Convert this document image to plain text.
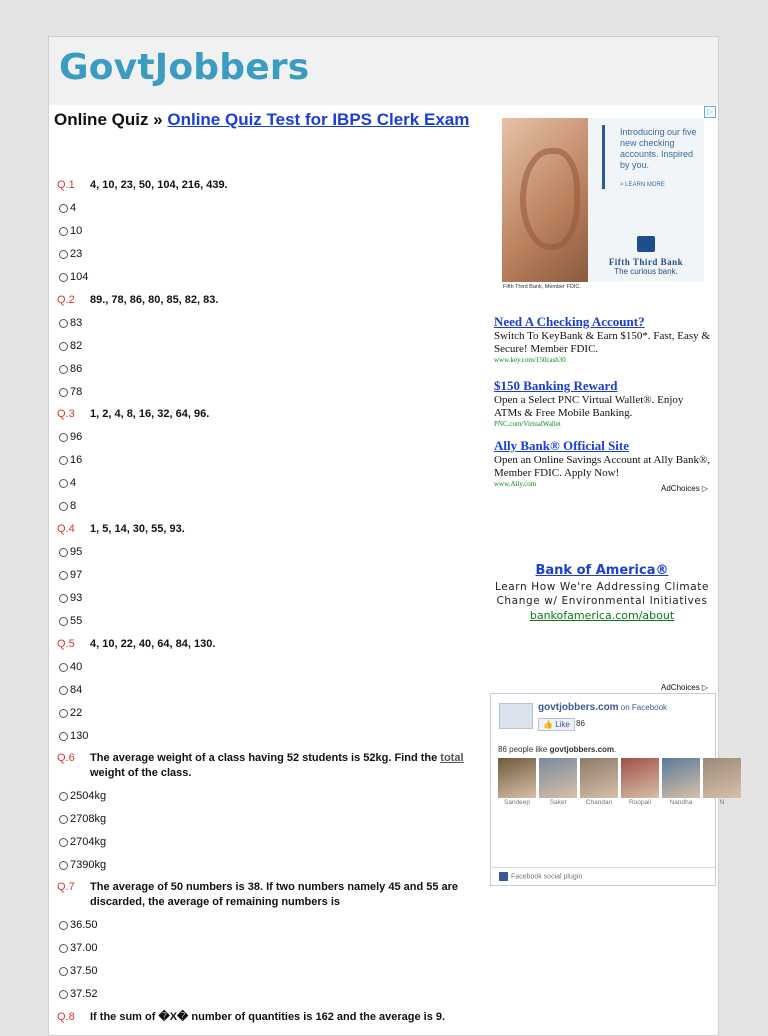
GovtJobbers
Online Quiz » Online Quiz Test for IBPS Clerk Exam
Q.1	4, 10, 23, 50, 104, 216, 439.
4
10
23
104
Q.2	89., 78, 86, 80, 85, 82, 83.
83
82
86
78
Q.3	1, 2, 4, 8, 16, 32, 64, 96.
96
16
4
8
Q.4	1, 5, 14, 30, 55, 93.
95
97
93
55
Q.5	4, 10, 22, 40, 64, 84, 130.
40
84
22
130
Q.6	The average weight of a class having 52 students is 52kg. Find the total weight of the class.
2504kg
2708kg
2704kg
7390kg
Q.7	The average of 50 numbers is 38. If two numbers namely 45 and 55 are discarded, the average of remaining numbers is
36.50
37.00
37.50
37.52
Q.8	If the sum of �X� number of quantities is 162 and the average is 9.
▷
Introducing our five new checking accounts. Inspired by you.
> LEARN MORE
Fifth Third Bank
The curious bank.
Fifth Third Bank, Member FDIC.
Need A Checking Account?
Switch To KeyBank & Earn $150*. Fast, Easy & Secure! Member FDIC.
www.key.com/150cash30
$150 Banking Reward
Open a Select PNC Virtual Wallet®. Enjoy ATMs & Free Mobile Banking.
PNC.com/VirtualWallet
Ally Bank® Official Site
Open an Online Savings Account at Ally Bank®, Member FDIC. Apply Now!
www.Ally.com	AdChoices ▷
Bank of America®
Learn How We're Addressing Climate Change w/ Environmental Initiatives
bankofamerica.com/about
AdChoices ▷
govtjobbers.com on Facebook
👍 Like 86
86 people like govtjobbers.com.
Sandeep	Saket	Chandan	Roopali	Nandha	N
Facebook social plugin
